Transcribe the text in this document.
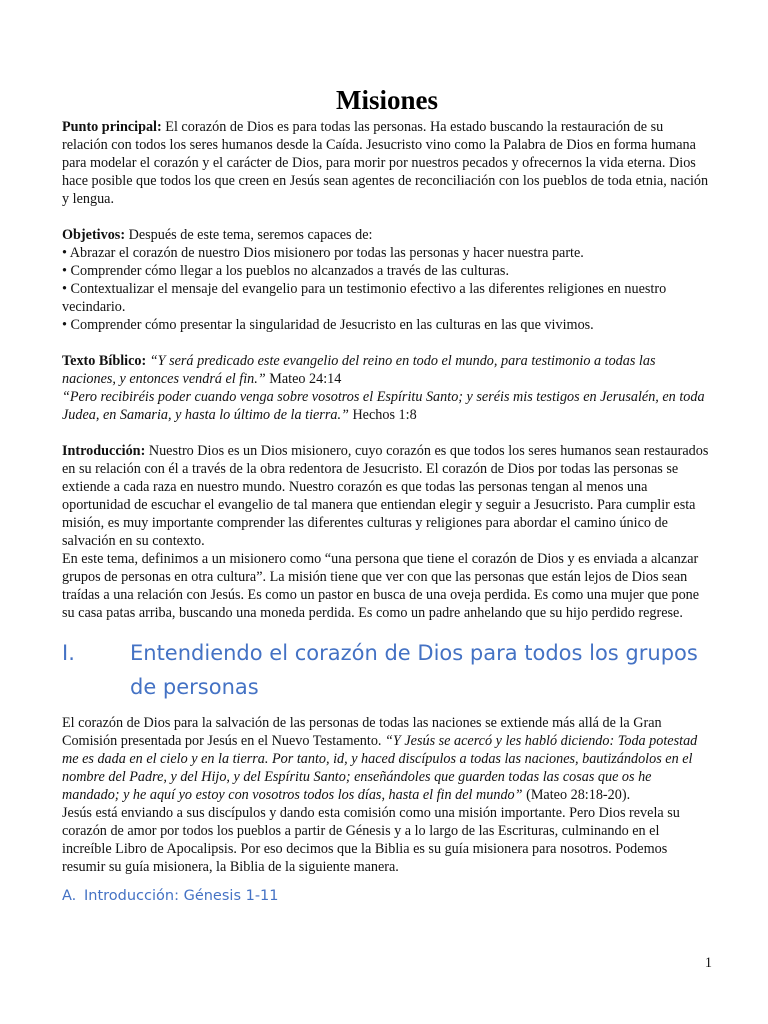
Misiones

Punto principal: El corazón de Dios es para todas las personas. Ha estado buscando la restauración de su relación con todos los seres humanos desde la Caída. Jesucristo vino como la Palabra de Dios en forma humana para modelar el corazón y el carácter de Dios, para morir por nuestros pecados y ofrecernos la vida eterna. Dios hace posible que todos los que creen en Jesús sean agentes de reconciliación con los pueblos de toda etnia, nación y lengua.

Objetivos: Después de este tema, seremos capaces de:

• Abrazar el corazón de nuestro Dios misionero por todas las personas y hacer nuestra parte.

• Comprender cómo llegar a los pueblos no alcanzados a través de las culturas.

• Contextualizar el mensaje del evangelio para un testimonio efectivo a las diferentes religiones en nuestro vecindario.

• Comprender cómo presentar la singularidad de Jesucristo en las culturas en las que vivimos.

Texto Bíblico: “Y será predicado este evangelio del reino en todo el mundo, para testimonio a todas las naciones, y entonces vendrá el fin.” Mateo 24:14

“Pero recibiréis poder cuando venga sobre vosotros el Espíritu Santo; y seréis mis testigos en Jerusalén, en toda Judea, en Samaria, y hasta lo último de la tierra.” Hechos 1:8

Introducción: Nuestro Dios es un Dios misionero, cuyo corazón es que todos los seres humanos sean restaurados en su relación con él a través de la obra redentora de Jesucristo. El corazón de Dios por todas las personas se extiende a cada raza en nuestro mundo. Nuestro corazón es que todas las personas tengan al menos una oportunidad de escuchar el evangelio de tal manera que entiendan elegir y seguir a Jesucristo. Para cumplir esta misión, es muy importante comprender las diferentes culturas y religiones para abordar el camino único de salvación en su contexto.

En este tema, definimos a un misionero como “una persona que tiene el corazón de Dios y es enviada a alcanzar grupos de personas en otra cultura”. La misión tiene que ver con que las personas que están lejos de Dios sean traídas a una relación con Jesús. Es como un pastor en busca de una oveja perdida. Es como una mujer que pone su casa patas arriba, buscando una moneda perdida. Es como un padre anhelando que su hijo perdido regrese.

I.	Entendiendo el corazón de Dios para todos los grupos de personas

El corazón de Dios para la salvación de las personas de todas las naciones se extiende más allá de la Gran Comisión presentada por Jesús en el Nuevo Testamento. “Y Jesús se acercó y les habló diciendo: Toda potestad me es dada en el cielo y en la tierra. Por tanto, id, y haced discípulos a todas las naciones, bautizándolos en el nombre del Padre, y del Hijo, y del Espíritu Santo; enseñándoles que guarden todas las cosas que os he mandado; y he aquí yo estoy con vosotros todos los días, hasta el fin del mundo” (Mateo 28:18-20).

Jesús está enviando a sus discípulos y dando esta comisión como una misión importante. Pero Dios revela su corazón de amor por todos los pueblos a partir de Génesis y a lo largo de las Escrituras, culminando en el increíble Libro de Apocalipsis. Por eso decimos que la Biblia es su guía misionera para nosotros. Podemos resumir su guía misionera, la Biblia de la siguiente manera.

A. Introducción: Génesis 1-11
1
